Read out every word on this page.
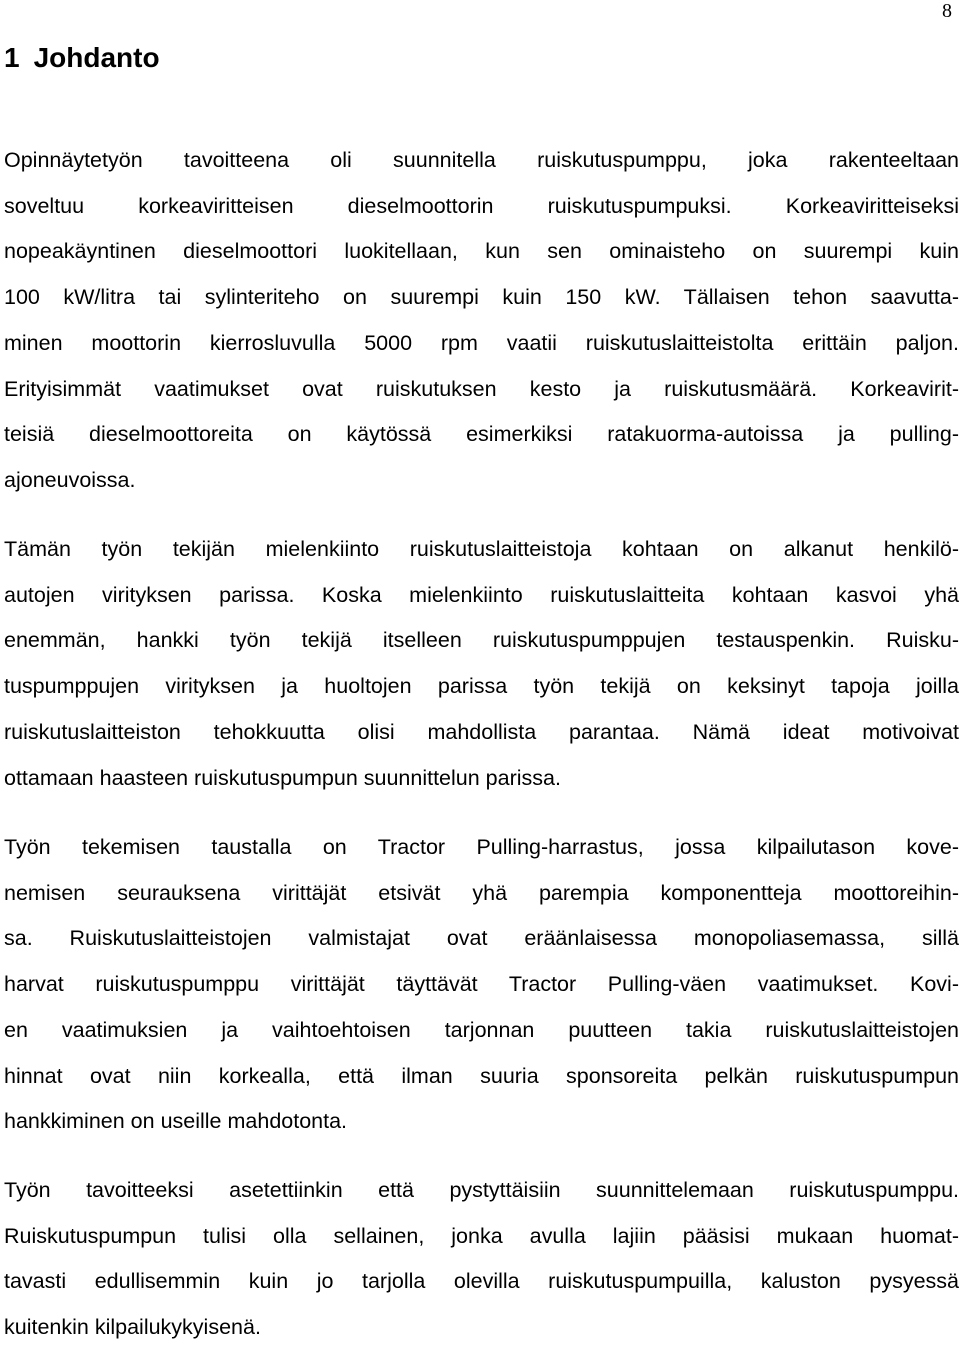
8
1 Johdanto
Opinnäytetyön tavoitteena oli suunnitella ruiskutuspumppu, joka rakenteeltaan
soveltuu korkeaviritteisen dieselmoottorin ruiskutuspumpuksi. Korkeaviritteiseksi
nopeakäyntinen dieselmoottori luokitellaan, kun sen ominaisteho on suurempi kuin
100 kW/litra tai sylinteriteho on suurempi kuin 150 kW. Tällaisen tehon saavutta-
minen moottorin kierrosluvulla 5000 rpm vaatii ruiskutuslaitteistolta erittäin paljon.
Erityisimmät vaatimukset ovat ruiskutuksen kesto ja ruiskutusmäärä. Korkeavirit-
teisiä dieselmoottoreita on käytössä esimerkiksi ratakuorma-autoissa ja pulling-
ajoneuvoissa.
Tämän työn tekijän mielenkiinto ruiskutuslaitteistoja kohtaan on alkanut henkilö-
autojen virityksen parissa. Koska mielenkiinto ruiskutuslaitteita kohtaan kasvoi yhä
enemmän, hankki työn tekijä itselleen ruiskutuspumppujen testauspenkin. Ruisku-
tuspumppujen virityksen ja huoltojen parissa työn tekijä on keksinyt tapoja joilla
ruiskutuslaitteiston tehokkuutta olisi mahdollista parantaa. Nämä ideat motivoivat
ottamaan haasteen ruiskutuspumpun suunnittelun parissa.
Työn tekemisen taustalla on Tractor Pulling-harrastus, jossa kilpailutason kove-
nemisen seurauksena virittäjät etsivät yhä parempia komponentteja moottoreihin-
sa. Ruiskutuslaitteistojen valmistajat ovat eräänlaisessa monopoliasemassa, sillä
harvat ruiskutuspumppu virittäjät täyttävät Tractor Pulling-väen vaatimukset. Kovi-
en vaatimuksien ja vaihtoehtoisen tarjonnan puutteen takia ruiskutuslaitteistojen
hinnat ovat niin korkealla, että ilman suuria sponsoreita pelkän ruiskutuspumpun
hankkiminen on useille mahdotonta.
Työn tavoitteeksi asetettiinkin että pystyttäisiin suunnittelemaan ruiskutuspumppu.
Ruiskutuspumpun tulisi olla sellainen, jonka avulla lajiin pääsisi mukaan huomat-
tavasti edullisemmin kuin jo tarjolla olevilla ruiskutuspumpuilla, kaluston pysyessä
kuitenkin kilpailukykyisenä.
